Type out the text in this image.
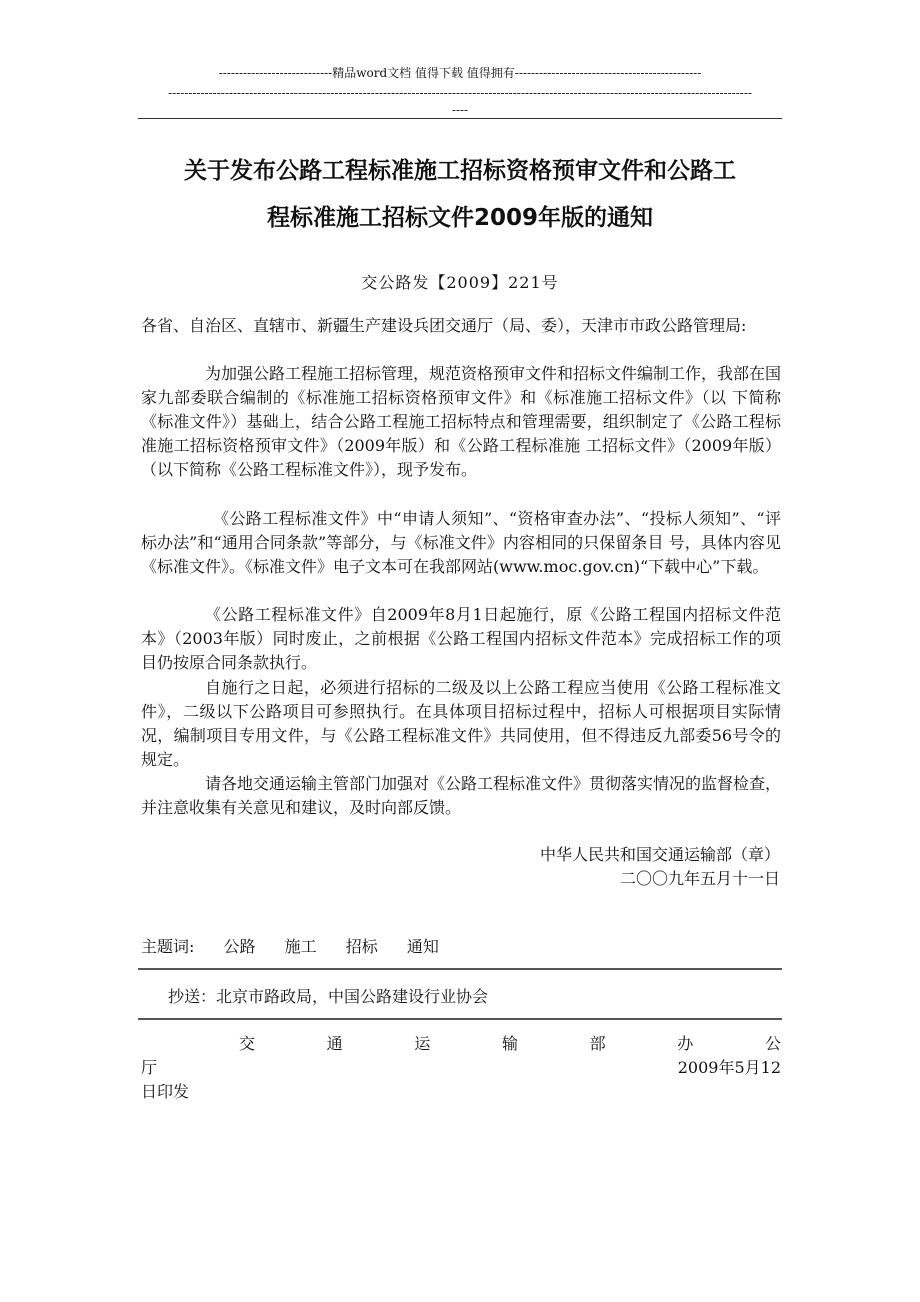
----------------------------精品word文档 值得下载 值得拥有----------------------------------------------
------------------------------------------------------------------------------------------------------------------------------------------------
----
关于发布公路工程标准施工招标资格预审文件和公路工
程标准施工招标文件2009年版的通知
交公路发【2009】221号
各省、自治区、直辖市、新疆生产建设兵团交通厅（局、委），天津市市政公路管理局:
为加强公路工程施工招标管理，规范资格预审文件和招标文件编制工作，我部在国家九部委联合编制的《标准施工招标资格预审文件》和《标准施工招标文件》（以 下简称《标准文件》）基础上，结合公路工程施工招标特点和管理需要，组织制定了《公路工程标准施工招标资格预审文件》（2009年版）和《公路工程标准施 工招标文件》（2009年版）（以下简称《公路工程标准文件》），现予发布。
《公路工程标准文件》中“申请人须知”、“资格审查办法”、“投标人须知”、“评标办法”和“通用合同条款”等部分，与《标准文件》内容相同的只保留条目 号，具体内容见《标准文件》。《标准文件》电子文本可在我部网站(www.moc.gov.cn)“下载中心”下载。
《公路工程标准文件》自2009年8月1日起施行，原《公路工程国内招标文件范本》（2003年版）同时废止，之前根据《公路工程国内招标文件范本》完成招标工作的项目仍按原合同条款执行。
自施行之日起，必须进行招标的二级及以上公路工程应当使用《公路工程标准文件》，二级以下公路项目可参照执行。在具体项目招标过程中，招标人可根据项目实际情况，编制项目专用文件，与《公路工程标准文件》共同使用，但不得违反九部委56号令的规定。
请各地交通运输主管部门加强对《公路工程标准文件》贯彻落实情况的监督检查，并注意收集有关意见和建议，及时向部反馈。
中华人民共和国交通运输部（章）
二〇〇九年五月十一日
主题词: 公路 施工 招标 通知
抄送：北京市路政局，中国公路建设行业协会
交	通	运	输	部	办	公
厅	2009年5月12
日印发
